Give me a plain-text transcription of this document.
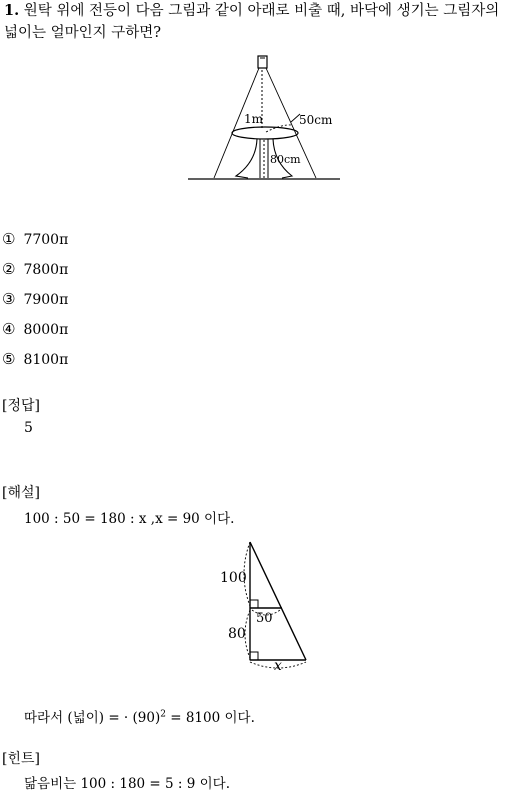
1. 원탁 위에 전등이 다음 그림과 같이 아래로 비출 때, 바닥에 생기는 그림자의
넓이는 얼마인지 구하면?
1m	50cm
80cm
① 7700π
② 7800π
③ 7900π
④ 8000π
⑤ 8100π
[정답]
5
[해설]
100 : 50 = 180 : x ,x = 90 이다.
100
50
80
x
따라서 (넓이) = · $(90)^2 = 8100$ 이다.
[힌트]
닮음비는 100 : 180 = 5 : 9 이다.
